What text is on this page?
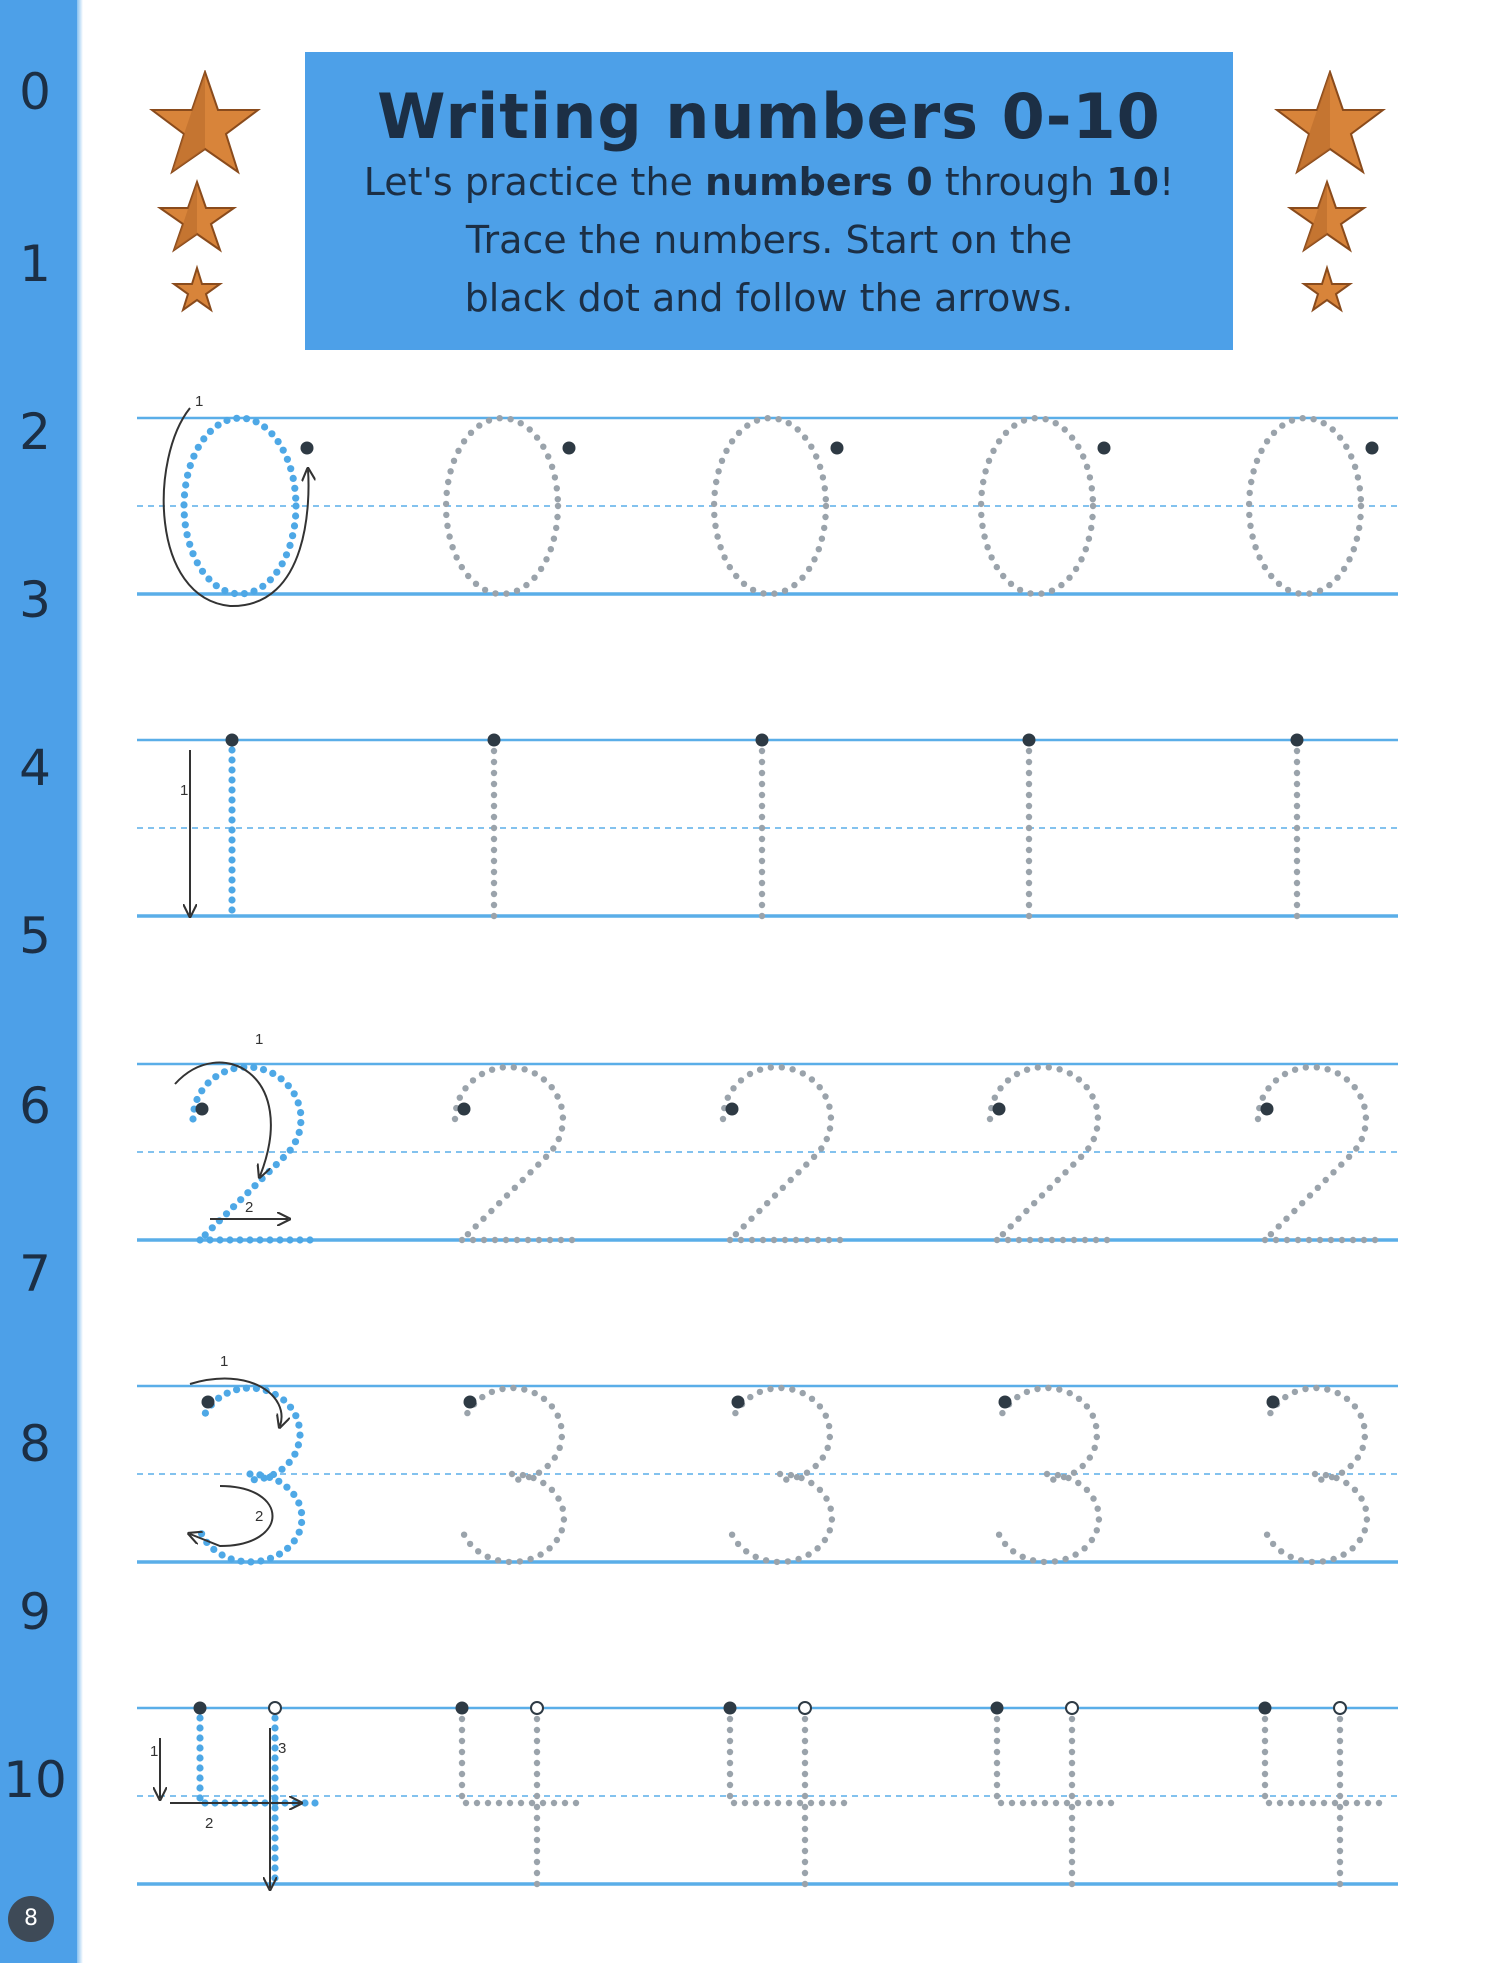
0
1
2
3
4
5
6
7
8
9
10
8
Writing numbers 0-10
Let's practice the numbers 0 through 10!
Trace the numbers. Start on the
black dot and follow the arrows.
1
1
1
2
1
2
1
2
3
